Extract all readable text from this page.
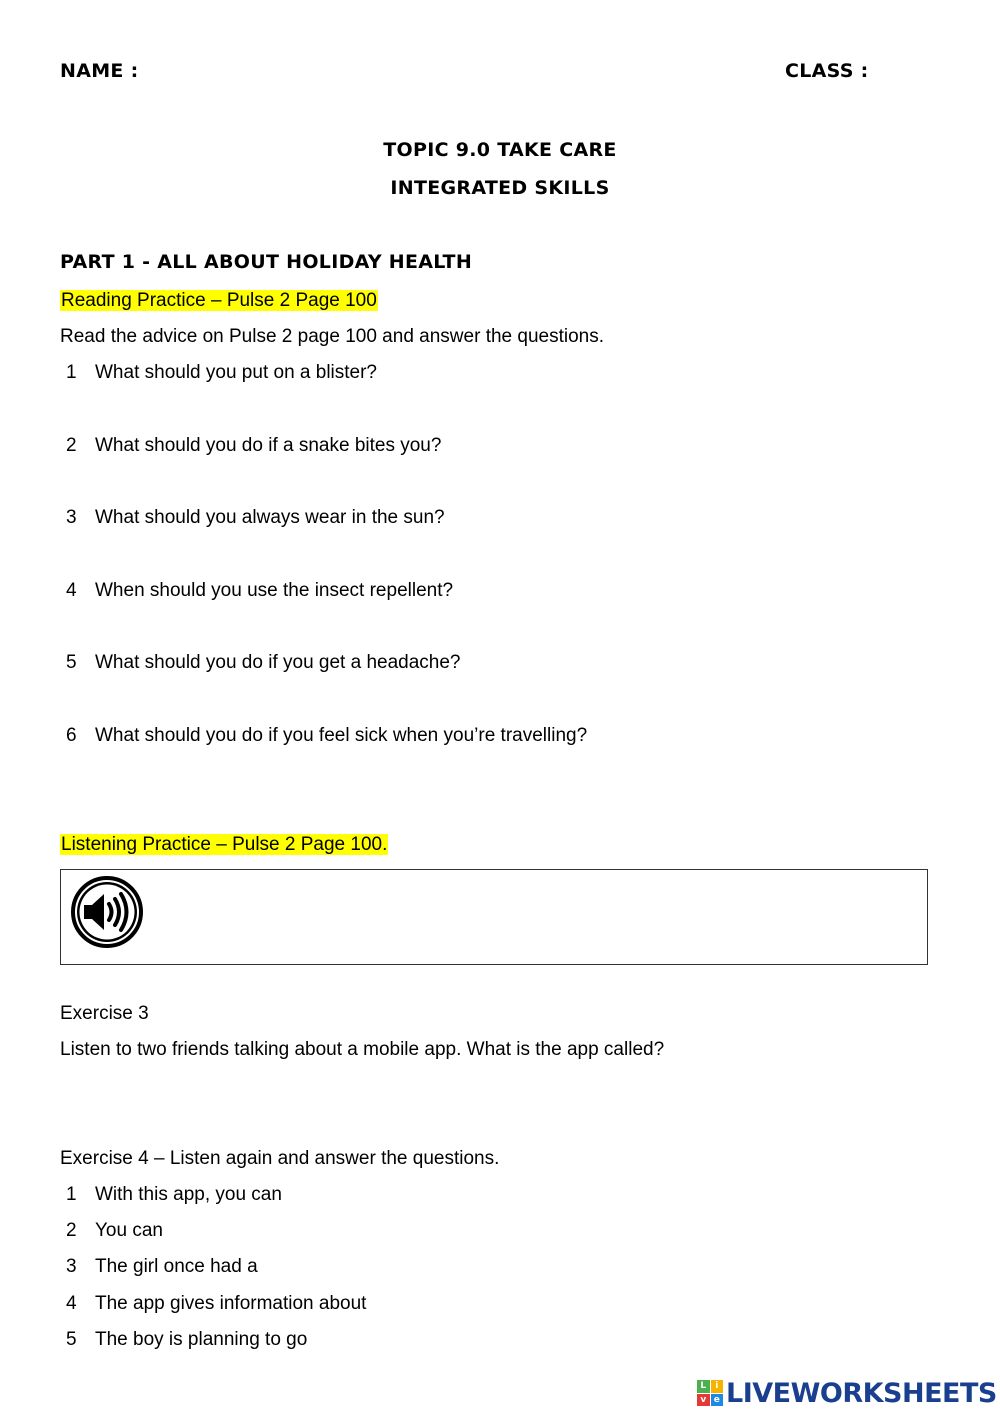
NAME :	CLASS :
TOPIC 9.0 TAKE CARE
INTEGRATED SKILLS
PART 1 - ALL ABOUT HOLIDAY HEALTH
Reading Practice – Pulse 2 Page 100
Read the advice on Pulse 2 page 100 and answer the questions.
1 What should you put on a blister?
2 What should you do if a snake bites you?
3 What should you always wear in the sun?
4 When should you use the insect repellent?
5 What should you do if you get a headache?
6 What should you do if you feel sick when you’re travelling?
Listening Practice – Pulse 2 Page 100.
Exercise 3
Listen to two friends talking about a mobile app. What is the app called?
Exercise 4 – Listen again and answer the questions.
1 With this app, you can
2 You can
3 The girl once had a
4 The app gives information about
5 The boy is planning to go
L	i
v e LIVEWORKSHEETS
